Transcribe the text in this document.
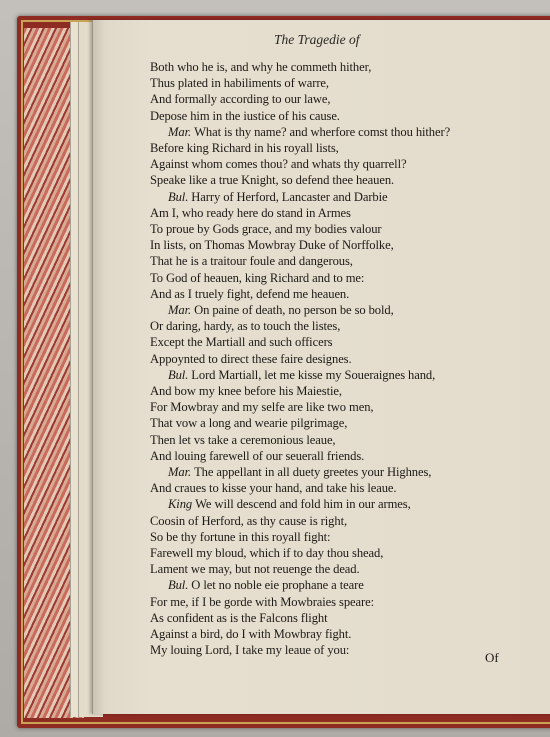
The Tragedie of
Both who he is, and why he commeth hither,
Thus plated in habiliments of warre,
And formally according to our lawe,
Depose him in the iustice of his cause.
Mar. What is thy name? and wherfore comst thou hither?
Before king Richard in his royall lists,
Against whom comes thou? and whats thy quarrell?
Speake like a true Knight, so defend thee heauen.
Bul. Harry of Herford, Lancaster and Darbie
Am I, who ready here do stand in Armes
To proue by Gods grace, and my bodies valour
In lists, on Thomas Mowbray Duke of Norffolke,
That he is a traitour foule and dangerous,
To God of heauen, king Richard and to me:
And as I truely fight, defend me heauen.
Mar. On paine of death, no person be so bold,
Or daring, hardy, as to touch the listes,
Except the Martiall and such officers
Appoynted to direct these faire designes.
Bul. Lord Martiall, let me kisse my Soueraignes hand,
And bow my knee before his Maiestie,
For Mowbray and my selfe are like two men,
That vow a long and wearie pilgrimage,
Then let vs take a ceremonious leaue,
And louing farewell of our seuerall friends.
Mar. The appellant in all duety greetes your Highnes,
And craues to kisse your hand, and take his leaue.
King We will descend and fold him in our armes,
Coosin of Herford, as thy cause is right,
So be thy fortune in this royall fight:
Farewell my bloud, which if to day thou shead,
Lament we may, but not reuenge the dead.
Bul. O let no noble eie prophane a teare
For me, if I be gorde with Mowbraies speare:
As confident as is the Falcons flight
Against a bird, do I with Mowbray fight.
My louing Lord, I take my leaue of you:	Of
